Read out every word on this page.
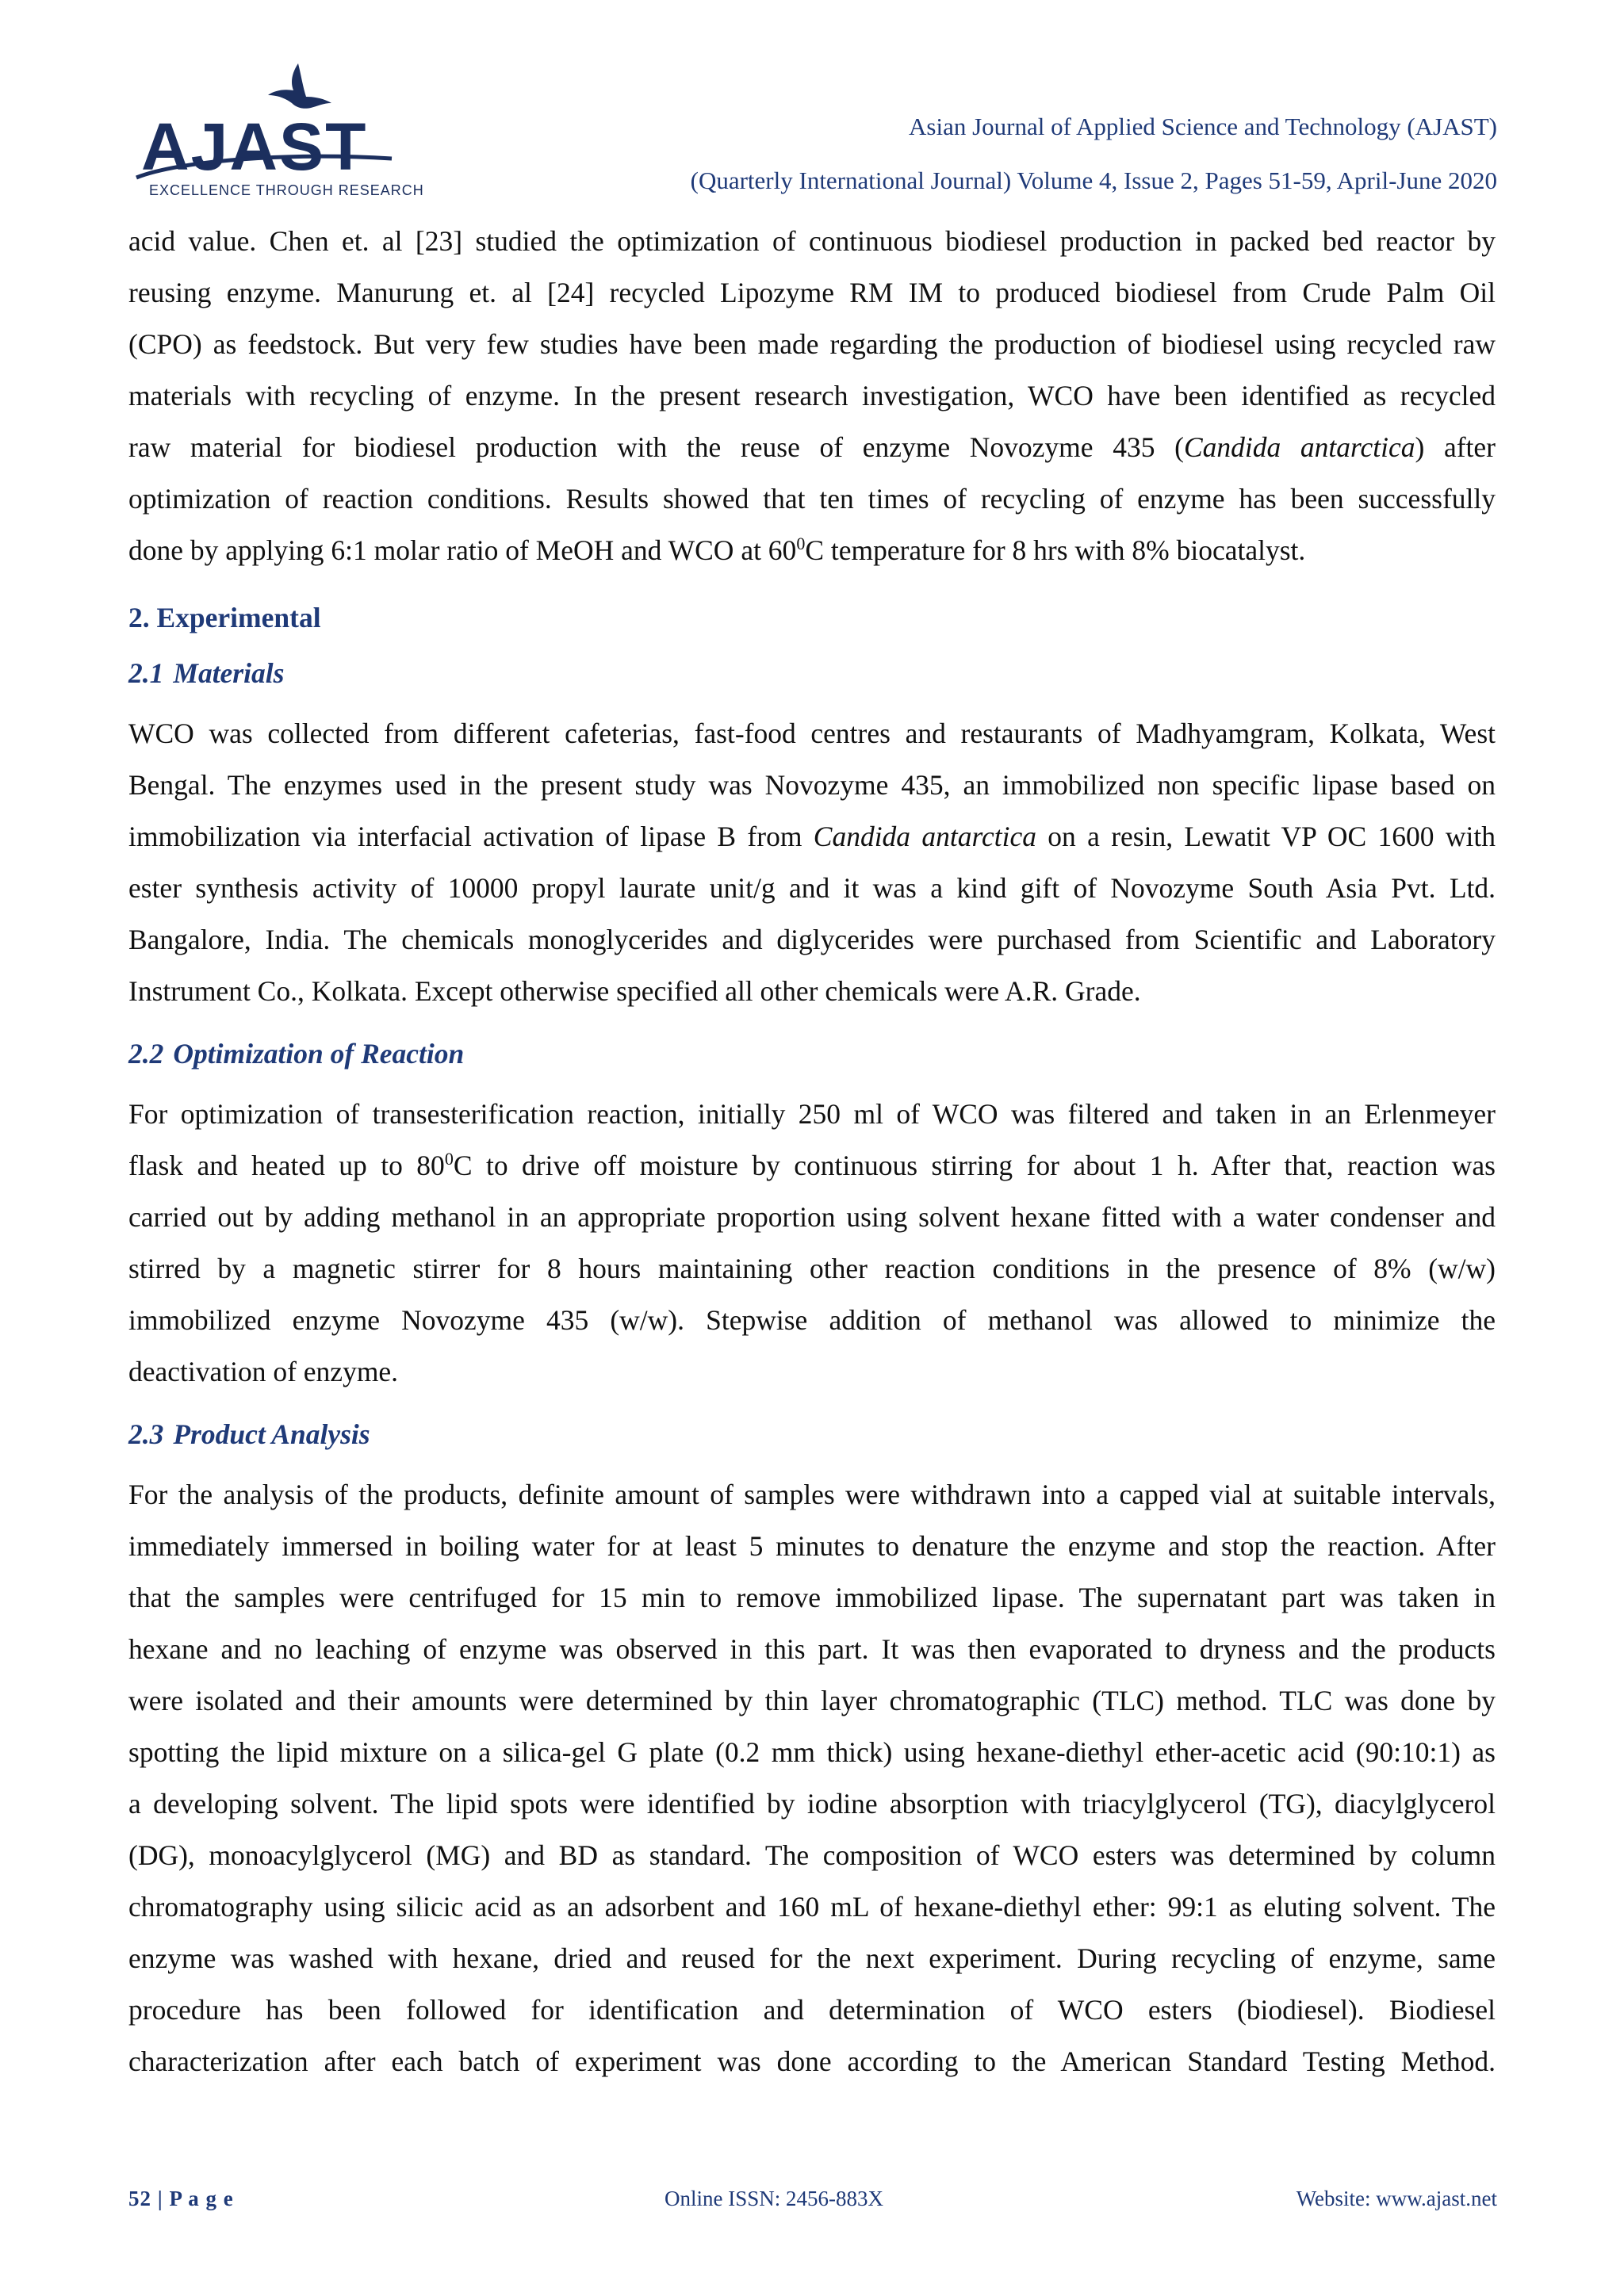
AJAST
EXCELLENCE THROUGH RESEARCH
Asian Journal of Applied Science and Technology (AJAST)
(Quarterly International Journal) Volume 4, Issue 2, Pages 51-59, April-June 2020

acid value. Chen et. al [23] studied the optimization of continuous biodiesel production in packed bed reactor by

reusing enzyme. Manurung et. al [24] recycled Lipozyme RM IM to produced biodiesel from Crude Palm Oil

(CPO) as feedstock. But very few studies have been made regarding the production of biodiesel using recycled raw

materials with recycling of enzyme. In the present research investigation, WCO have been identified as recycled

raw material for biodiesel production with the reuse of enzyme Novozyme 435 (Candida antarctica) after

optimization of reaction conditions. Results showed that ten times of recycling of enzyme has been successfully

done by applying 6:1 molar ratio of MeOH and WCO at $60^0C$ temperature for 8 hrs with 8% biocatalyst.

2. Experimental
2.1 Materials

WCO was collected from different cafeterias, fast-food centres and restaurants of Madhyamgram, Kolkata, West

Bengal. The enzymes used in the present study was Novozyme 435, an immobilized non specific lipase based on

immobilization via interfacial activation of lipase B from Candida antarctica on a resin, Lewatit VP OC 1600 with

ester synthesis activity of 10000 propyl laurate unit/g and it was a kind gift of Novozyme South Asia Pvt. Ltd.

Bangalore, India. The chemicals monoglycerides and diglycerides were purchased from Scientific and Laboratory

Instrument Co., Kolkata. Except otherwise specified all other chemicals were A.R. Grade.

2.2 Optimization of Reaction

For optimization of transesterification reaction, initially 250 ml of WCO was filtered and taken in an Erlenmeyer

flask and heated up to $80^0C$ to drive off moisture by continuous stirring for about 1 h. After that, reaction was

carried out by adding methanol in an appropriate proportion using solvent hexane fitted with a water condenser and

stirred by a magnetic stirrer for 8 hours maintaining other reaction conditions in the presence of 8% (w/w)

immobilized enzyme Novozyme 435 (w/w). Stepwise addition of methanol was allowed to minimize the

deactivation of enzyme.

2.3 Product Analysis

For the analysis of the products, definite amount of samples were withdrawn into a capped vial at suitable intervals,

immediately immersed in boiling water for at least 5 minutes to denature the enzyme and stop the reaction. After

that the samples were centrifuged for 15 min to remove immobilized lipase. The supernatant part was taken in

hexane and no leaching of enzyme was observed in this part. It was then evaporated to dryness and the products

were isolated and their amounts were determined by thin layer chromatographic (TLC) method. TLC was done by

spotting the lipid mixture on a silica-gel G plate (0.2 mm thick) using hexane-diethyl ether-acetic acid (90:10:1) as

a developing solvent. The lipid spots were identified by iodine absorption with triacylglycerol (TG), diacylglycerol

(DG), monoacylglycerol (MG) and BD as standard. The composition of WCO esters was determined by column

chromatography using silicic acid as an adsorbent and 160 mL of hexane-diethyl ether: 99:1 as eluting solvent. The

enzyme was washed with hexane, dried and reused for the next experiment. During recycling of enzyme, same

procedure has been followed for identification and determination of WCO esters (biodiesel). Biodiesel

characterization after each batch of experiment was done according to the American Standard Testing Method.

52 | P a g e	Online ISSN: 2456-883X	Website: www.ajast.net
